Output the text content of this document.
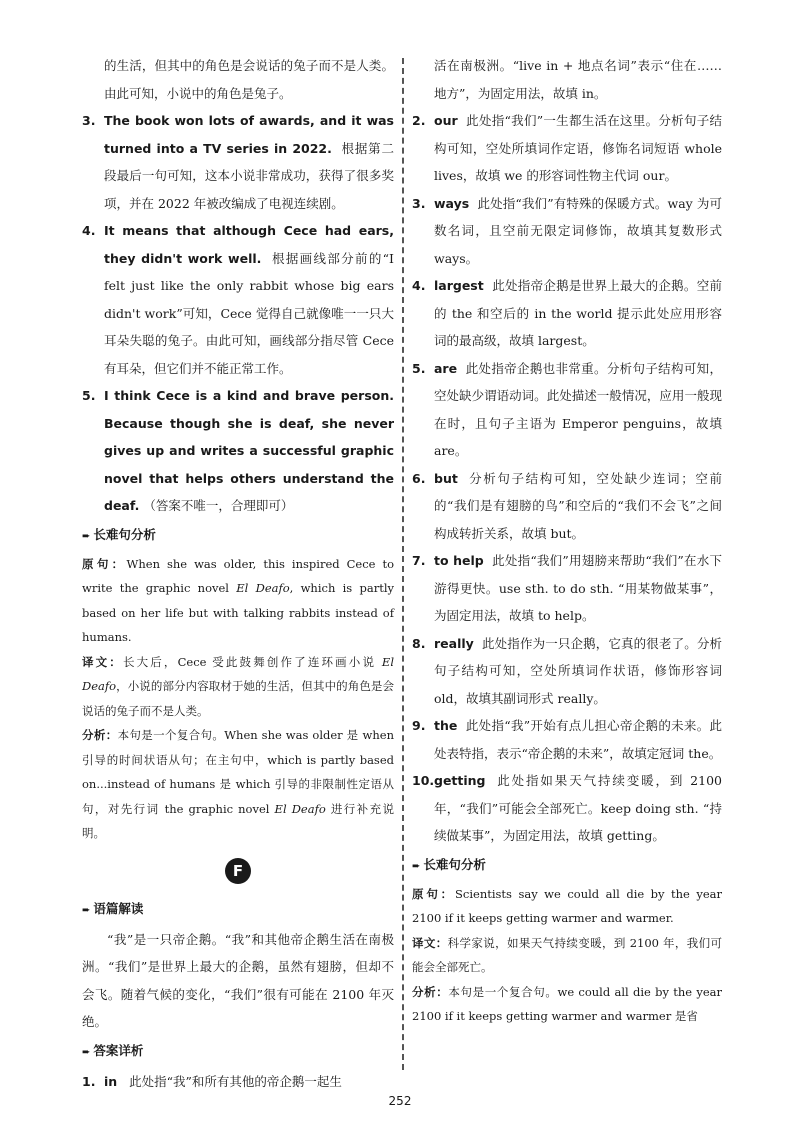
的生活，但其中的角色是会说话的兔子而不是人类。由此可知，小说中的角色是兔子。

3. The book won lots of awards, and it was turned into a TV series in 2022. 根据第二段最后一句可知，这本小说非常成功，获得了很多奖项，并在 2022 年被改编成了电视连续剧。
4. It means that although Cece had ears, they didn't work well. 根据画线部分前的“I felt just like the only rabbit whose big ears didn't work”可知，Cece 觉得自己就像唯一一只大耳朵失聪的兔子。由此可知，画线部分指尽管 Cece 有耳朵，但它们并不能正常工作。
5. I think Cece is a kind and brave person. Because though she is deaf, she never gives up and writes a successful graphic novel that helps others understand the deaf. （答案不唯一，合理即可）
➨ 长难句分析

原句：When she was older, this inspired Cece to write the graphic novel El Deafo, which is partly based on her life but with talking rabbits instead of humans.

译文：长大后，Cece 受此鼓舞创作了连环画小说 El Deafo，小说的部分内容取材于她的生活，但其中的角色是会说话的兔子而不是人类。

分析：本句是一个复合句。When she was older 是 when 引导的时间状语从句；在主句中，which is partly based on...instead of humans 是 which 引导的非限制性定语从句，对先行词 the graphic novel El Deafo 进行补充说明。

F
➨ 语篇解读

“我”是一只帝企鹅。“我”和其他帝企鹅生活在南极洲。“我们”是世界上最大的企鹅，虽然有翅膀，但却不会飞。随着气候的变化，“我们”很有可能在 2100 年灭绝。

➨ 答案详析
1. in 此处指“我”和所有其他的帝企鹅一起生

活在南极洲。“live in + 地点名词”表示“住在……地方”，为固定用法，故填 in。

2. our 此处指“我们”一生都生活在这里。分析句子结构可知，空处所填词作定语，修饰名词短语 whole lives，故填 we 的形容词性物主代词 our。
3. ways 此处指“我们”有特殊的保暖方式。way 为可数名词，且空前无限定词修饰，故填其复数形式 ways。
4. largest 此处指帝企鹅是世界上最大的企鹅。空前的 the 和空后的 in the world 提示此处应用形容词的最高级，故填 largest。
5. are 此处指帝企鹅也非常重。分析句子结构可知，空处缺少谓语动词。此处描述一般情况，应用一般现在时，且句子主语为 Emperor penguins，故填 are。
6. but 分析句子结构可知，空处缺少连词；空前的“我们是有翅膀的鸟”和空后的“我们不会飞”之间构成转折关系，故填 but。
7. to help 此处指“我们”用翅膀来帮助“我们”在水下游得更快。use sth. to do sth. “用某物做某事”，为固定用法，故填 to help。
8. really 此处指作为一只企鹅，它真的很老了。分析句子结构可知，空处所填词作状语，修饰形容词 old，故填其副词形式 really。
9. the 此处指“我”开始有点儿担心帝企鹅的未来。此处表特指，表示“帝企鹅的未来”，故填定冠词 the。
10. getting 此处指如果天气持续变暖，到 2100 年，“我们”可能会全部死亡。keep doing sth. “持续做某事”，为固定用法，故填 getting。
➨ 长难句分析

原句：Scientists say we could all die by the year 2100 if it keeps getting warmer and warmer.

译文：科学家说，如果天气持续变暖，到 2100 年，我们可能会全部死亡。

分析：本句是一个复合句。we could all die by the year 2100 if it keeps getting warmer and warmer 是省

252
